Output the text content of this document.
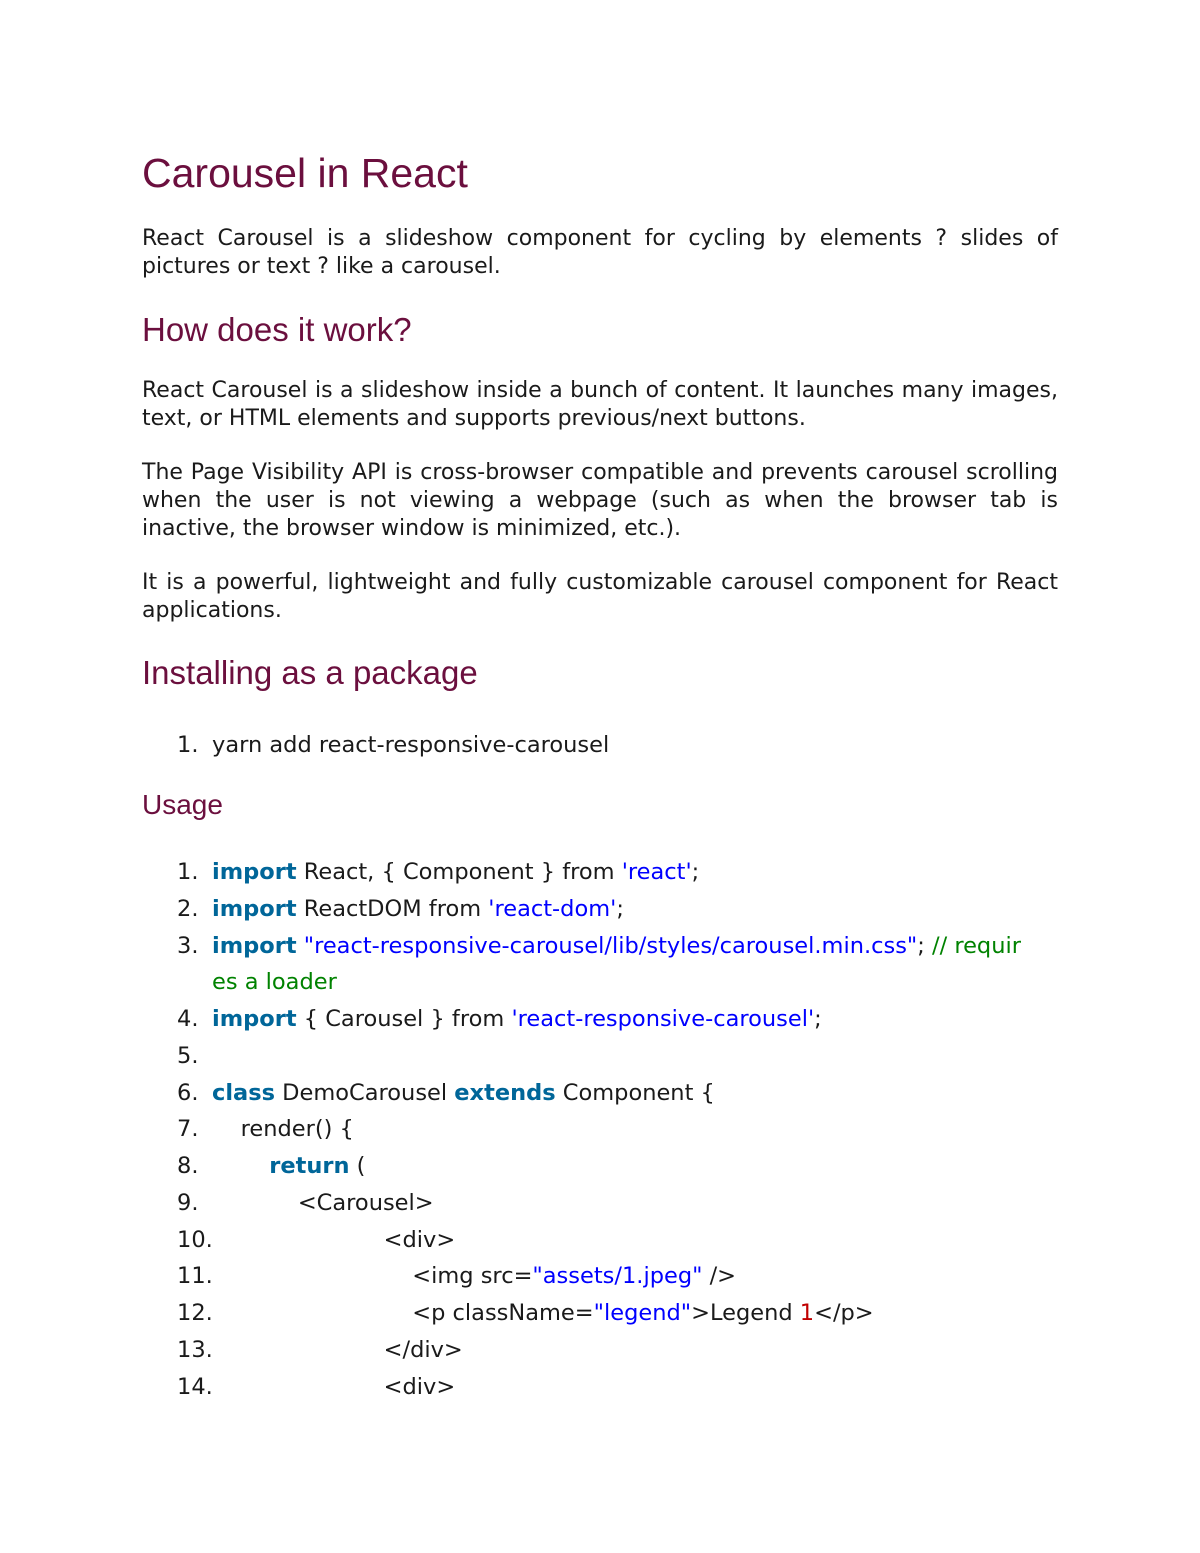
Carousel in React

React Carousel is a slideshow component for cycling by elements ? slides of pictures or text ? like a carousel.

How does it work?

React Carousel is a slideshow inside a bunch of content. It launches many images, text, or HTML elements and supports previous/next buttons.

The Page Visibility API is cross-browser compatible and prevents carousel scrolling when the user is not viewing a webpage (such as when the browser tab is inactive, the browser window is minimized, etc.).

It is a powerful, lightweight and fully customizable carousel component for React applications.

Installing as a package
1. yarn add react-responsive-carousel
Usage
1. import React, { Component } from 'react';
2. import ReactDOM from 'react-dom';
3. import "react-responsive-carousel/lib/styles/carousel.min.css"; // requir
es a loader
4. import { Carousel } from 'react-responsive-carousel';
5.
6. class DemoCarousel extends Component {
7. render() {
8.	return (
9. <Carousel>
10. <div>
11. <img src="assets/1.jpeg" />
12. <p className="legend">Legend 1</p>
13. </div>
14. <div>
